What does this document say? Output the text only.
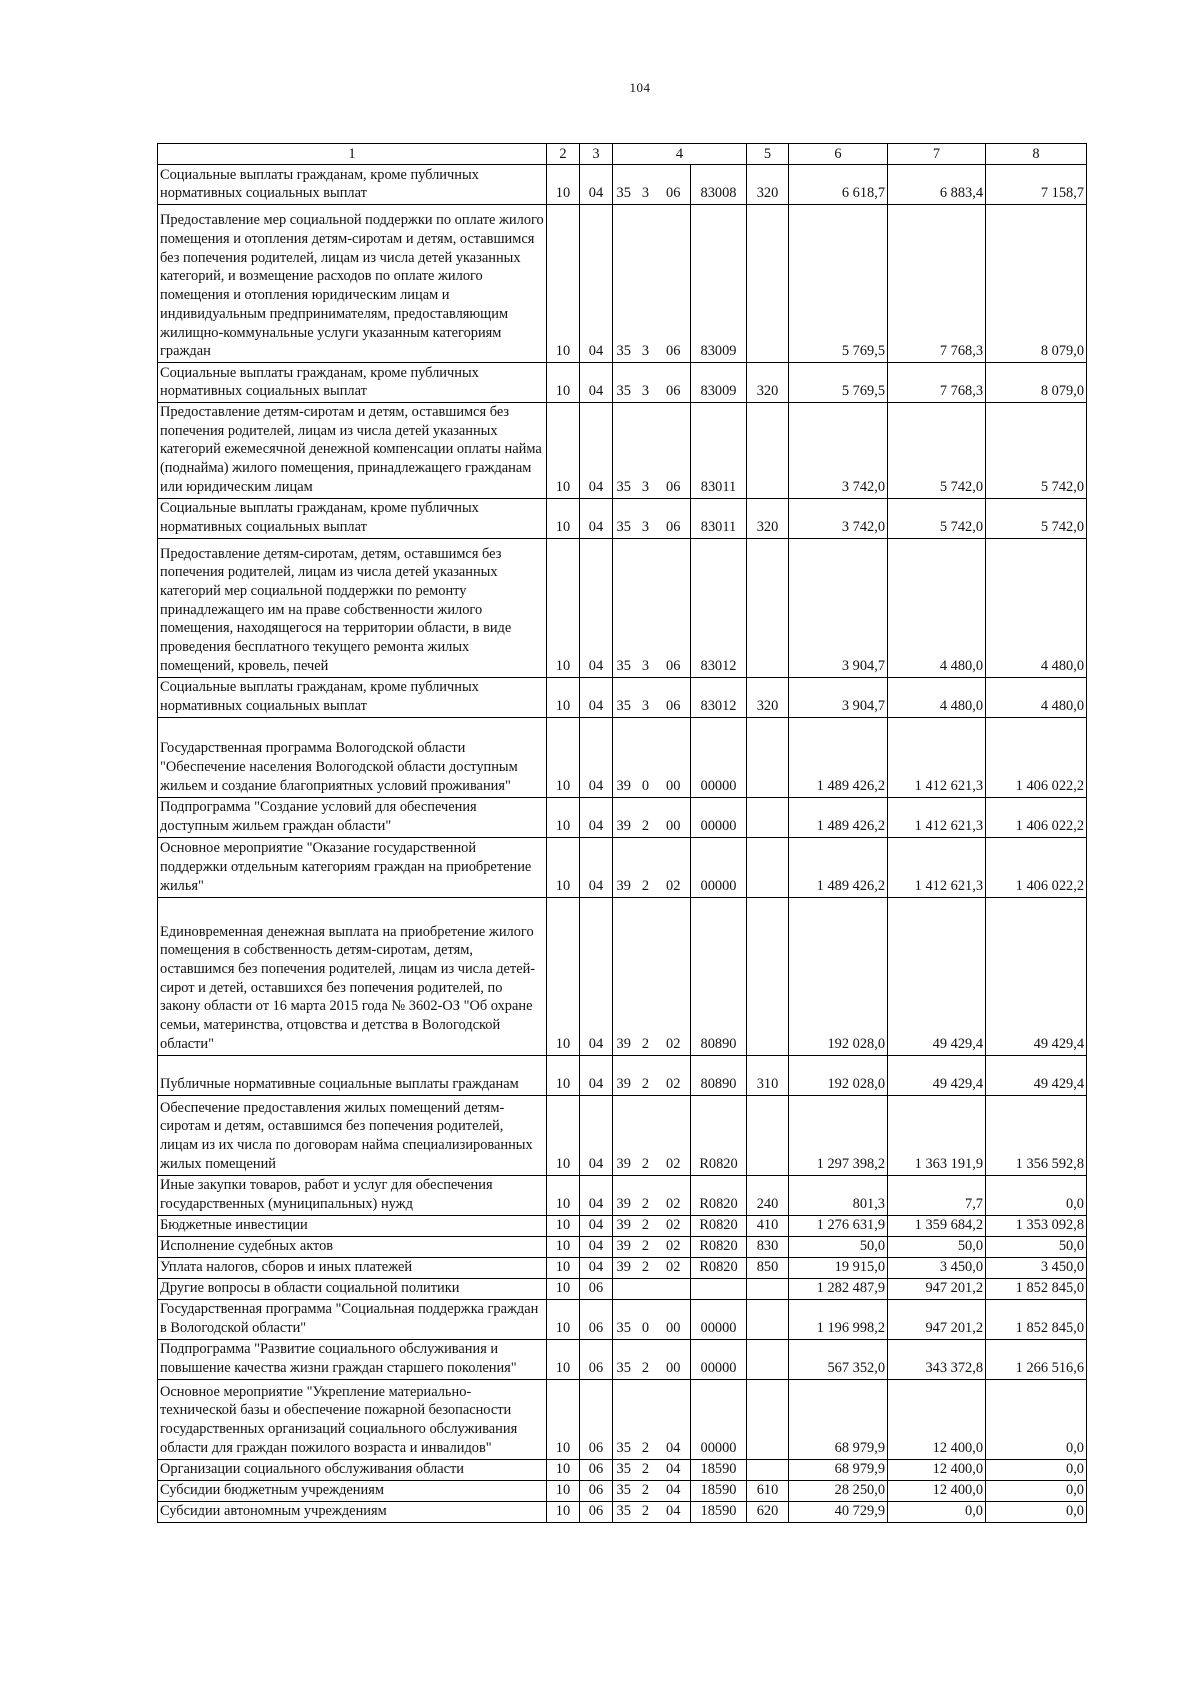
104
1	2	3	4				5	6	7	8
Социальные выплаты гражданам, кроме публичных нормативных социальных выплат	10	04	35	3	06	83008	320	6 618,7	6 883,4	7 158,7
Предоставление мер социальной поддержки по оплате жилого помещения и отопления детям-сиротам и детям, оставшимся без попечения родителей, лицам из числа детей указанных категорий, и возмещение расходов по оплате жилого помещения и отопления юридическим лицам и индивидуальным предпринимателям, предоставляющим жилищно-коммунальные услуги указанным категориям граждан	10	04	35	3	06	83009		5 769,5	7 768,3	8 079,0
Социальные выплаты гражданам, кроме публичных нормативных социальных выплат	10	04	35	3	06	83009	320	5 769,5	7 768,3	8 079,0
Предоставление детям-сиротам и детям, оставшимся без попечения родителей, лицам из числа детей указанных категорий ежемесячной денежной компенсации оплаты найма (поднайма) жилого помещения, принадлежащего гражданам или юридическим лицам	10	04	35	3	06	83011		3 742,0	5 742,0	5 742,0
Социальные выплаты гражданам, кроме публичных нормативных социальных выплат	10	04	35	3	06	83011	320	3 742,0	5 742,0	5 742,0
Предоставление детям-сиротам, детям, оставшимся без попечения родителей, лицам из числа детей указанных категорий мер социальной поддержки по ремонту принадлежащего им на праве собственности жилого помещения, находящегося на территории области, в виде проведения бесплатного текущего ремонта жилых помещений, кровель, печей	10	04	35	3	06	83012		3 904,7	4 480,0	4 480,0
Социальные выплаты гражданам, кроме публичных нормативных социальных выплат	10	04	35	3	06	83012	320	3 904,7	4 480,0	4 480,0
Государственная программа Вологодской области "Обеспечение населения Вологодской области доступным жильем и создание благоприятных условий проживания"	10	04	39	0	00	00000		1 489 426,2	1 412 621,3	1 406 022,2
Подпрограмма "Создание условий для обеспечения доступным жильем граждан области"	10	04	39	2	00	00000		1 489 426,2	1 412 621,3	1 406 022,2
Основное мероприятие "Оказание государственной поддержки отдельным категориям граждан на приобретение жилья"	10	04	39	2	02	00000		1 489 426,2	1 412 621,3	1 406 022,2
Единовременная денежная выплата на приобретение жилого помещения в собственность детям-сиротам, детям, оставшимся без попечения родителей, лицам из числа детей-сирот и детей, оставшихся без попечения родителей, по закону области от 16 марта 2015 года № 3602-ОЗ "Об охране семьи, материнства, отцовства и детства в Вологодской области"	10	04	39	2	02	80890		192 028,0	49 429,4	49 429,4
Публичные нормативные социальные выплаты гражданам	10	04	39	2	02	80890	310	192 028,0	49 429,4	49 429,4
Обеспечение предоставления жилых помещений детям-сиротам и детям, оставшимся без попечения родителей, лицам из их числа по договорам найма специализированных жилых помещений	10	04	39	2	02	R0820		1 297 398,2	1 363 191,9	1 356 592,8
Иные закупки товаров, работ и услуг для обеспечения государственных (муниципальных) нужд	10	04	39	2	02	R0820	240	801,3	7,7	0,0
Бюджетные инвестиции	10	04	39	2	02	R0820	410	1 276 631,9	1 359 684,2	1 353 092,8
Исполнение судебных актов	10	04	39	2	02	R0820	830	50,0	50,0	50,0
Уплата налогов, сборов и иных платежей	10	04	39	2	02	R0820	850	19 915,0	3 450,0	3 450,0
Другие вопросы в области социальной политики	10	06						1 282 487,9	947 201,2	1 852 845,0
Государственная программа "Социальная поддержка граждан в Вологодской области"	10	06	35	0	00	00000		1 196 998,2	947 201,2	1 852 845,0
Подпрограмма "Развитие социального обслуживания и повышение качества жизни граждан старшего поколения"	10	06	35	2	00	00000		567 352,0	343 372,8	1 266 516,6
Основное мероприятие "Укрепление материально-технической базы и обеспечение пожарной безопасности государственных организаций социального обслуживания области для граждан пожилого возраста и инвалидов"	10	06	35	2	04	00000		68 979,9	12 400,0	0,0
Организации социального обслуживания области	10	06	35	2	04	18590		68 979,9	12 400,0	0,0
Субсидии бюджетным учреждениям	10	06	35	2	04	18590	610	28 250,0	12 400,0	0,0
Субсидии автономным учреждениям	10	06	35	2	04	18590	620	40 729,9	0,0	0,0
